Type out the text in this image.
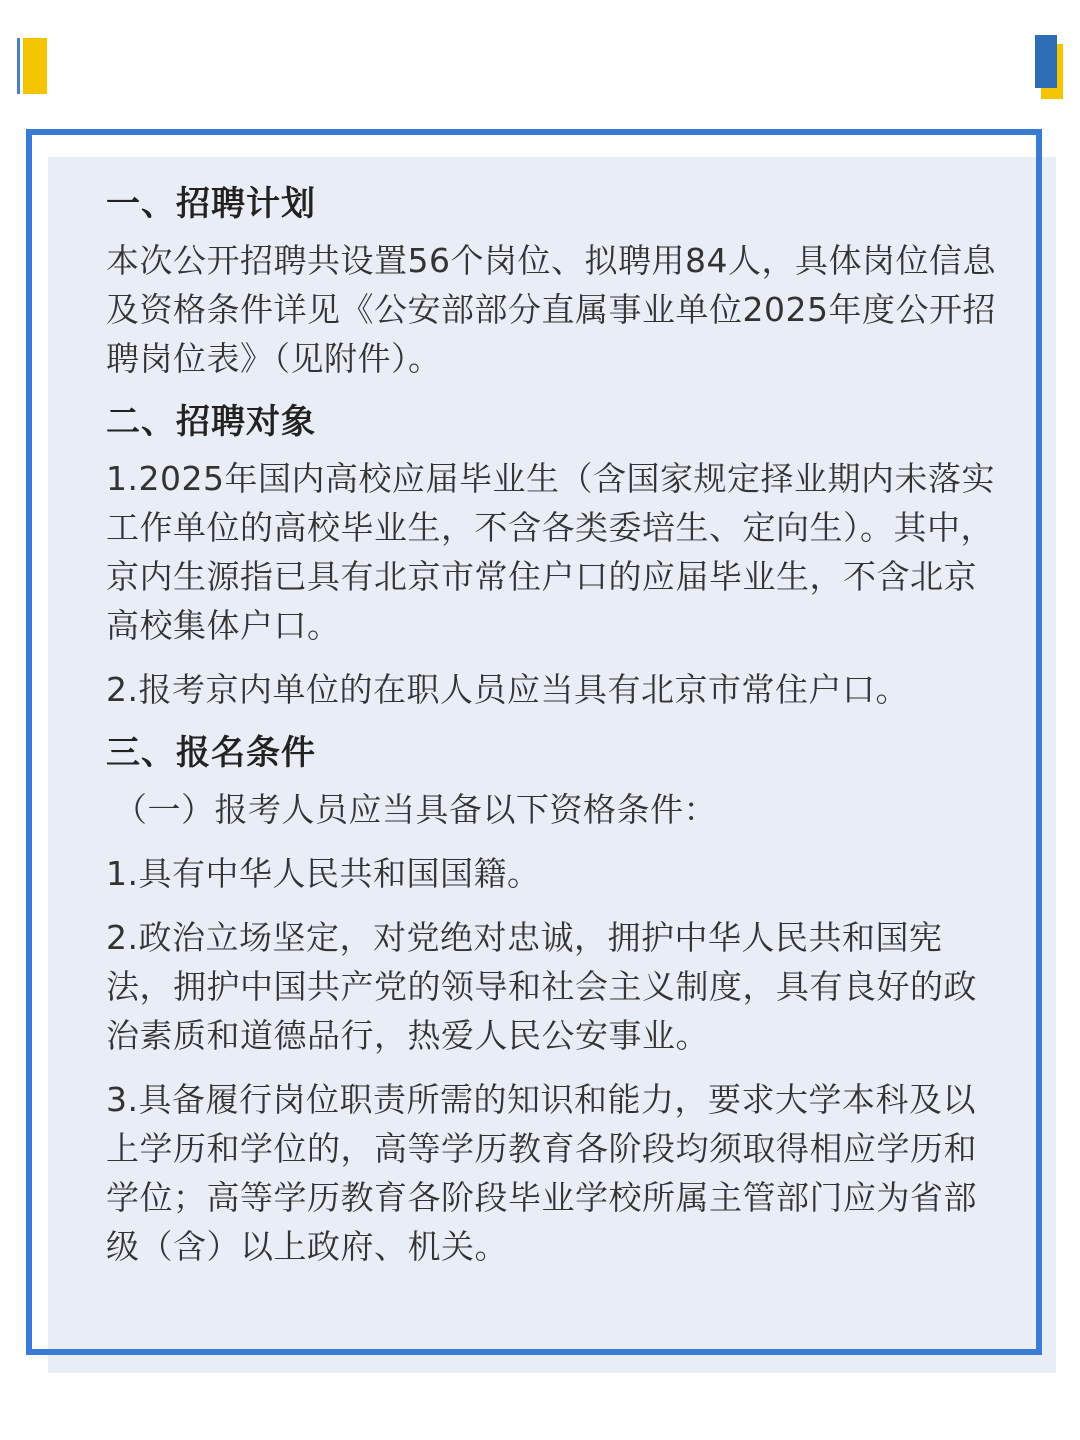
一、招聘计划

本次公开招聘共设置56个岗位、拟聘用84人，具体岗位信息及资格条件详见《公安部部分直属事业单位2025年度公开招聘岗位表》（见附件）。

二、招聘对象

1.2025年国内高校应届毕业生（含国家规定择业期内未落实工作单位的高校毕业生，不含各类委培生、定向生）。其中，京内生源指已具有北京市常住户口的应届毕业生，不含北京高校集体户口。

2.报考京内单位的在职人员应当具有北京市常住户口。

三、报名条件

（一）报考人员应当具备以下资格条件：

1.具有中华人民共和国国籍。

2.政治立场坚定，对党绝对忠诚，拥护中华人民共和国宪法，拥护中国共产党的领导和社会主义制度，具有良好的政治素质和道德品行，热爱人民公安事业。

3.具备履行岗位职责所需的知识和能力，要求大学本科及以上学历和学位的，高等学历教育各阶段均须取得相应学历和学位；高等学历教育各阶段毕业学校所属主管部门应为省部级（含）以上政府、机关。
